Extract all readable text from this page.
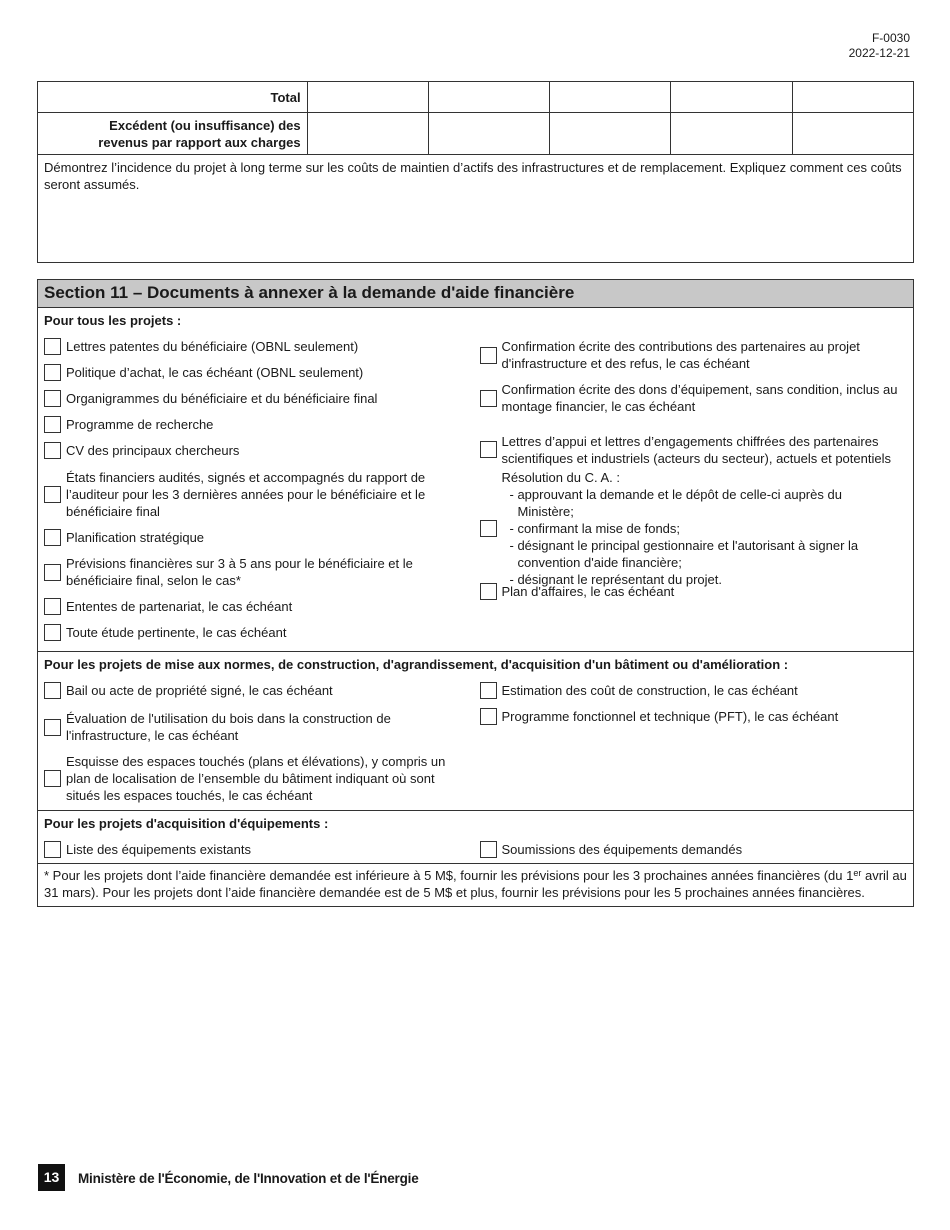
F-0030
2022-12-21
Total					

Excédent (ou insuffisance) des
revenus par rapport aux charges					

Démontrez l’incidence du projet à long terme sur les coûts de maintien d’actifs des infrastructures et de remplacement. Expliquez comment ces coûts seront assumés.					
Section 11 – Documents à annexer à la demande d'aide financière
Pour tous les projets :
Lettres patentes du bénéficiaire (OBNL seulement)
Politique d’achat, le cas échéant (OBNL seulement)
Organigrammes du bénéficiaire et du bénéficiaire final
Programme de recherche
CV des principaux chercheurs
États financiers audités, signés et accompagnés du rapport de l’auditeur pour les 3 dernières années pour le bénéficiaire et le bénéficiaire final
Planification stratégique
Prévisions financières sur 3 à 5 ans pour le bénéficiaire et le bénéficiaire final, selon le cas*
Ententes de partenariat, le cas échéant
Toute étude pertinente, le cas échéant
Confirmation écrite des contributions des partenaires au projet d'infrastructure et des refus, le cas échéant
Confirmation écrite des dons d’équipement, sans condition, inclus au montage financier, le cas échéant
Lettres d’appui et lettres d’engagements chiffrées des partenaires scientifiques et industriels (acteurs du secteur), actuels et potentiels
Résolution du C. A. :
- approuvant la demande et le dépôt de celle-ci auprès du
Ministère;
- confirmant la mise de fonds;
- désignant le principal gestionnaire et l'autorisant à signer la
convention d'aide financière;
- désignant le représentant du projet.
Plan d'affaires, le cas échéant
Pour les projets de mise aux normes, de construction, d'agrandissement, d'acquisition d'un bâtiment ou d'amélioration :
Bail ou acte de propriété signé, le cas échéant
Évaluation de l'utilisation du bois dans la construction de l'infrastructure, le cas échéant
Esquisse des espaces touchés (plans et élévations), y compris un plan de localisation de l’ensemble du bâtiment indiquant où sont situés les espaces touchés, le cas échéant
Estimation des coût de construction, le cas échéant
Programme fonctionnel et technique (PFT), le cas échéant
Pour les projets d'acquisition d'équipements :
Liste des équipements existants	Soumissions des équipements demandés
* Pour les projets dont l’aide financière demandée est inférieure à 5 M$, fournir les prévisions pour les 3 prochaines années financières (du 1er avril au 31 mars). Pour les projets dont l’aide financière demandée est de 5 M$ et plus, fournir les prévisions pour les 5 prochaines années financières.
13	Ministère de l'Économie, de l'Innovation et de l'Énergie
